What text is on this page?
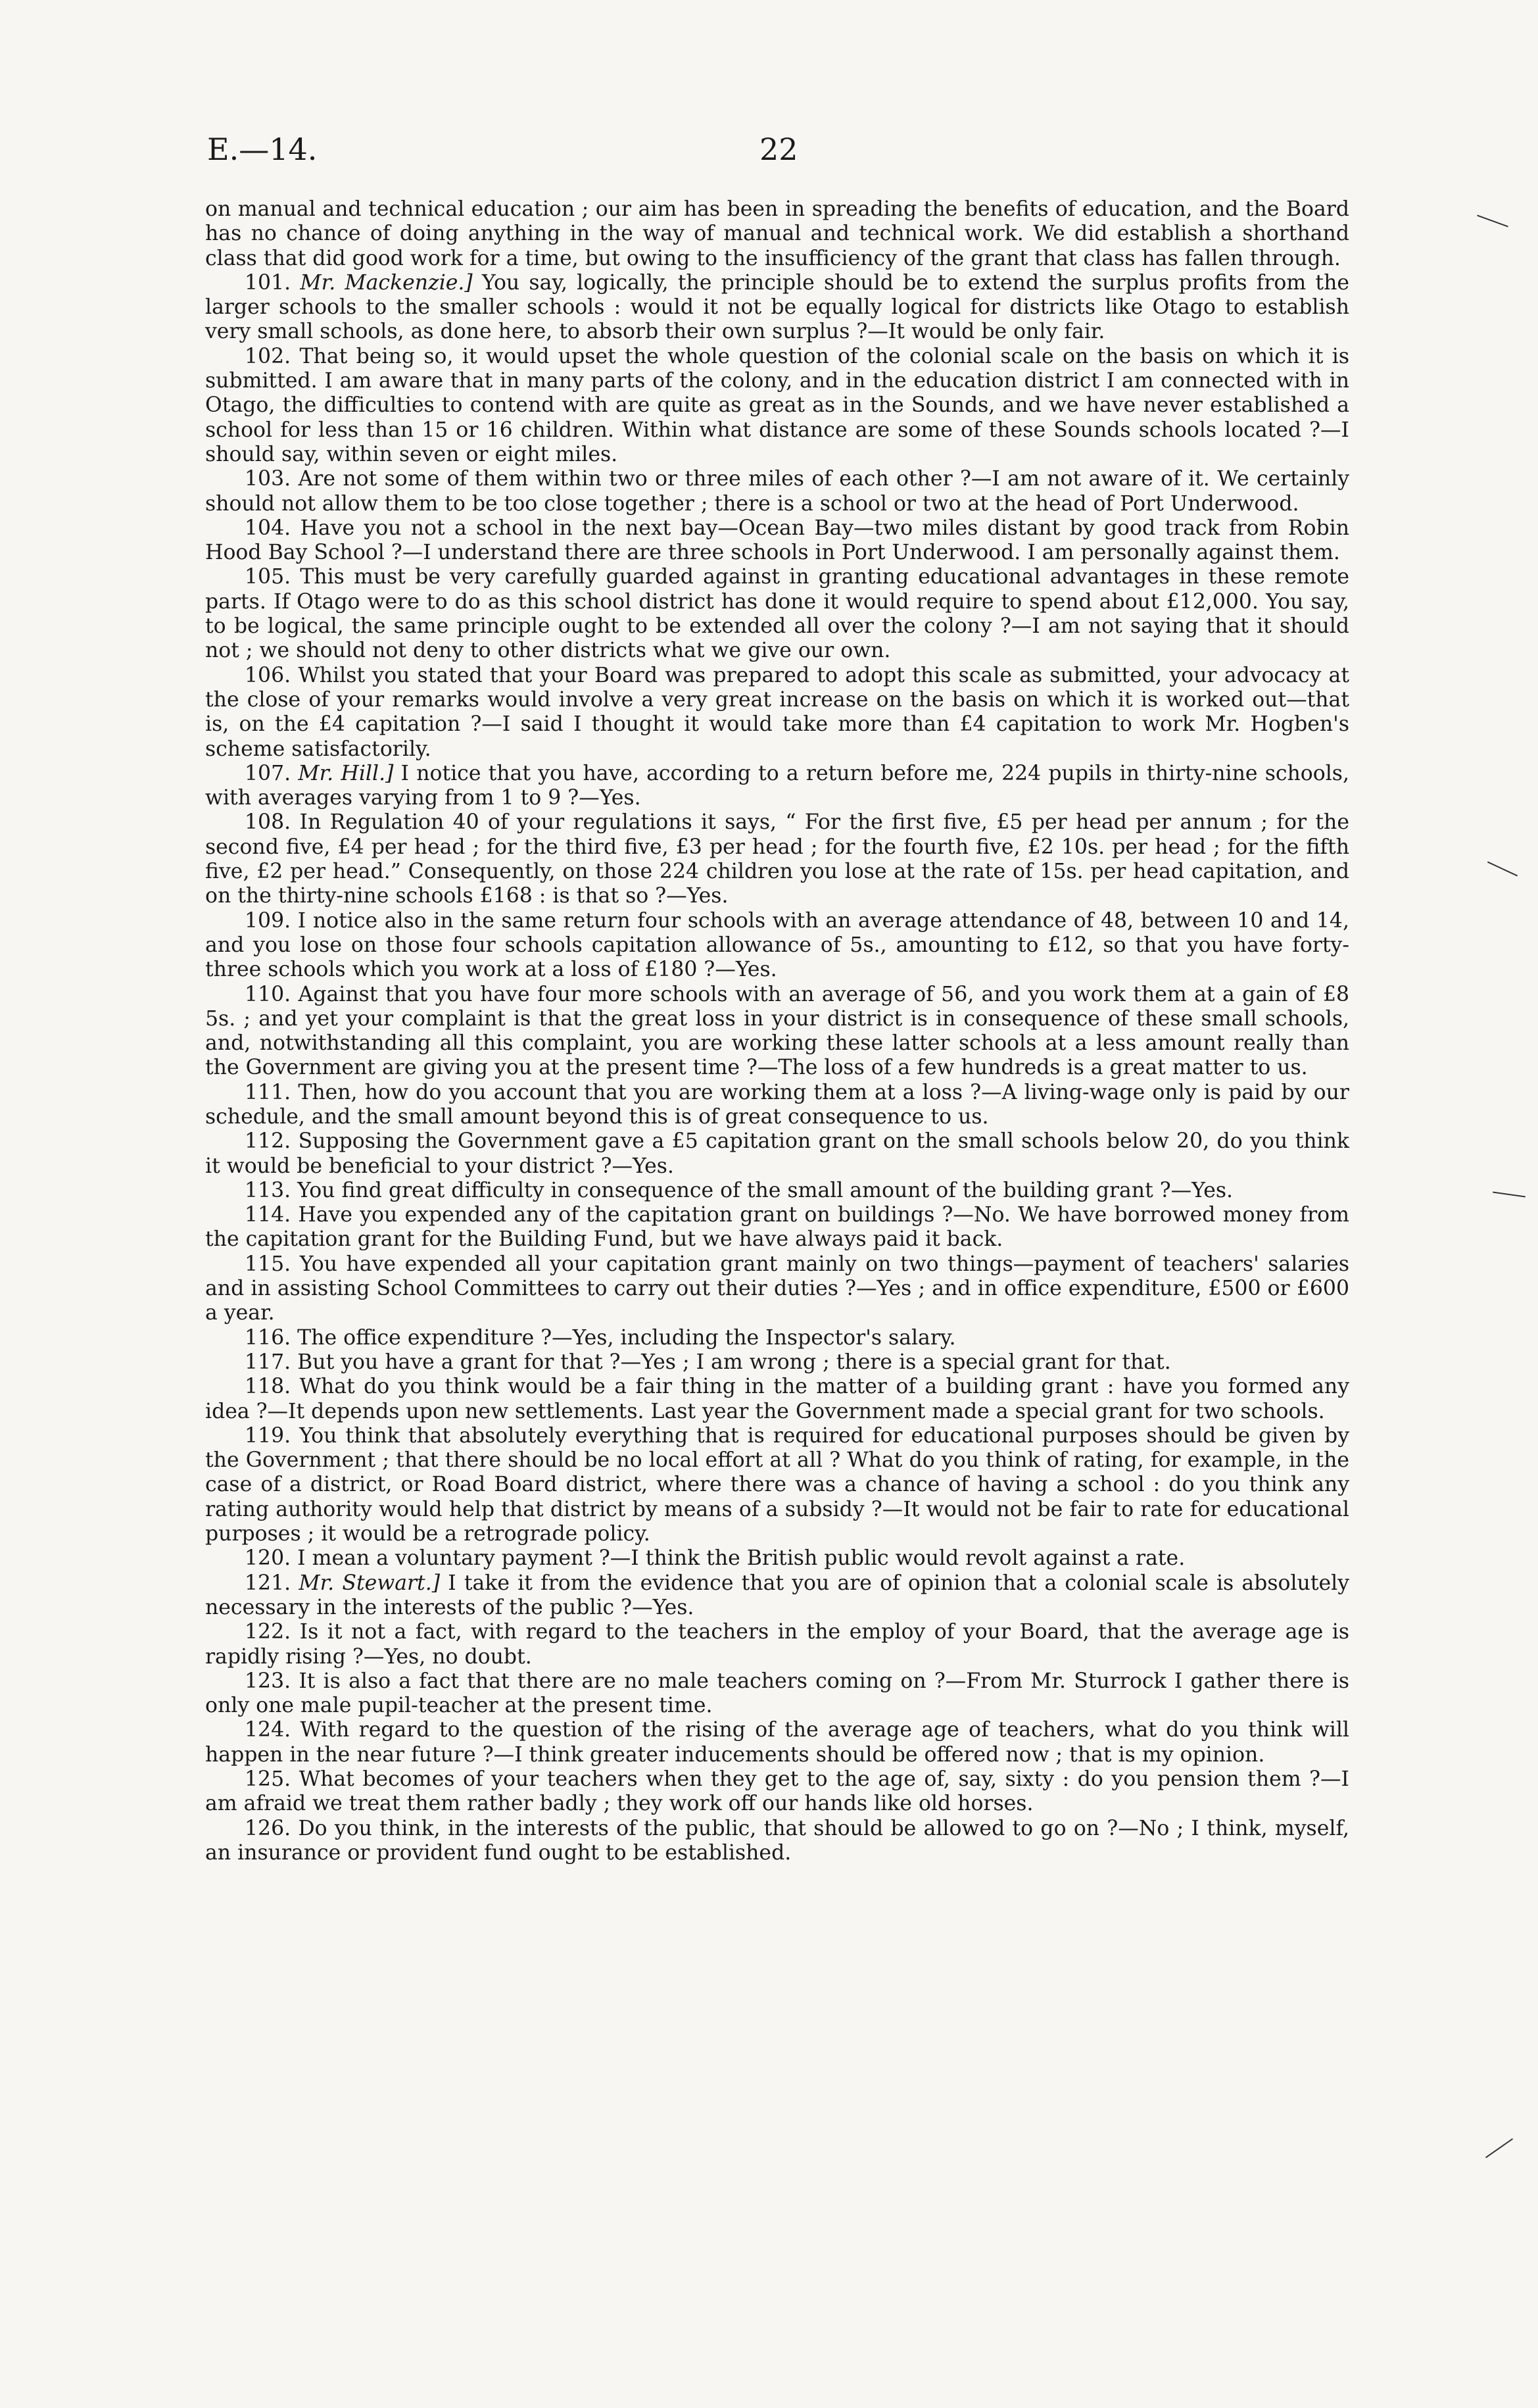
E.—14.	22

on manual and technical education ; our aim has been in spreading the benefits of education, and the Board has no chance of doing anything in the way of manual and technical work. We did establish a shorthand class that did good work for a time, but owing to the insufficiency of the grant that class has fallen through.

101. Mr. Mackenzie.] You say, logically, the principle should be to extend the surplus profits from the larger schools to the smaller schools : would it not be equally logical for districts like Otago to establish very small schools, as done here, to absorb their own surplus ?—It would be only fair.

102. That being so, it would upset the whole question of the colonial scale on the basis on which it is submitted. I am aware that in many parts of the colony, and in the education district I am connected with in Otago, the difficulties to contend with are quite as great as in the Sounds, and we have never established a school for less than 15 or 16 children. Within what distance are some of these Sounds schools located ?—I should say, within seven or eight miles.

103. Are not some of them within two or three miles of each other ?—I am not aware of it. We certainly should not allow them to be too close together ; there is a school or two at the head of Port Underwood.

104. Have you not a school in the next bay—Ocean Bay—two miles distant by good track from Robin Hood Bay School ?—I understand there are three schools in Port Underwood. I am personally against them.

105. This must be very carefully guarded against in granting educational advantages in these remote parts. If Otago were to do as this school district has done it would require to spend about £12,000. You say, to be logical, the same principle ought to be extended all over the colony ?—I am not saying that it should not ; we should not deny to other districts what we give our own.

106. Whilst you stated that your Board was prepared to adopt this scale as submitted, your advocacy at the close of your remarks would involve a very great increase on the basis on which it is worked out—that is, on the £4 capitation ?—I said I thought it would take more than £4 capitation to work Mr. Hogben's scheme satisfactorily.

107. Mr. Hill.] I notice that you have, according to a return before me, 224 pupils in thirty-nine schools, with averages varying from 1 to 9 ?—Yes.

108. In Regulation 40 of your regulations it says, “ For the first five, £5 per head per annum ; for the second five, £4 per head ; for the third five, £3 per head ; for the fourth five, £2 10s. per head ; for the fifth five, £2 per head.” Consequently, on those 224 children you lose at the rate of 15s. per head capitation, and on the thirty-nine schools £168 : is that so ?—Yes.

109. I notice also in the same return four schools with an average attendance of 48, between 10 and 14, and you lose on those four schools capitation allowance of 5s., amounting to £12, so that you have forty-three schools which you work at a loss of £180 ?—Yes.

110. Against that you have four more schools with an average of 56, and you work them at a gain of £8 5s. ; and yet your complaint is that the great loss in your district is in consequence of these small schools, and, notwithstanding all this complaint, you are working these latter schools at a less amount really than the Government are giving you at the present time ?—The loss of a few hundreds is a great matter to us.

111. Then, how do you account that you are working them at a loss ?—A living-wage only is paid by our schedule, and the small amount beyond this is of great consequence to us.

112. Supposing the Government gave a £5 capitation grant on the small schools below 20, do you think it would be beneficial to your district ?—Yes.

113. You find great difficulty in consequence of the small amount of the building grant ?—Yes.

114. Have you expended any of the capitation grant on buildings ?—No. We have borrowed money from the capitation grant for the Building Fund, but we have always paid it back.

115. You have expended all your capitation grant mainly on two things—payment of teachers' salaries and in assisting School Committees to carry out their duties ?—Yes ; and in office expenditure, £500 or £600 a year.

116. The office expenditure ?—Yes, including the Inspector's salary.

117. But you have a grant for that ?—Yes ; I am wrong ; there is a special grant for that.

118. What do you think would be a fair thing in the matter of a building grant : have you formed any idea ?—It depends upon new settlements. Last year the Government made a special grant for two schools.

119. You think that absolutely everything that is required for educational purposes should be given by the Government ; that there should be no local effort at all ? What do you think of rating, for example, in the case of a district, or Road Board district, where there was a chance of having a school : do you think any rating authority would help that district by means of a subsidy ?—It would not be fair to rate for educational purposes ; it would be a retrograde policy.

120. I mean a voluntary payment ?—I think the British public would revolt against a rate.

121. Mr. Stewart.] I take it from the evidence that you are of opinion that a colonial scale is absolutely necessary in the interests of the public ?—Yes.

122. Is it not a fact, with regard to the teachers in the employ of your Board, that the average age is rapidly rising ?—Yes, no doubt.

123. It is also a fact that there are no male teachers coming on ?—From Mr. Sturrock I gather there is only one male pupil-teacher at the present time.

124. With regard to the question of the rising of the average age of teachers, what do you think will happen in the near future ?—I think greater inducements should be offered now ; that is my opinion.

125. What becomes of your teachers when they get to the age of, say, sixty : do you pension them ?—I am afraid we treat them rather badly ; they work off our hands like old horses.

126. Do you think, in the interests of the public, that should be allowed to go on ?—No ; I think, myself, an insurance or provident fund ought to be established.
